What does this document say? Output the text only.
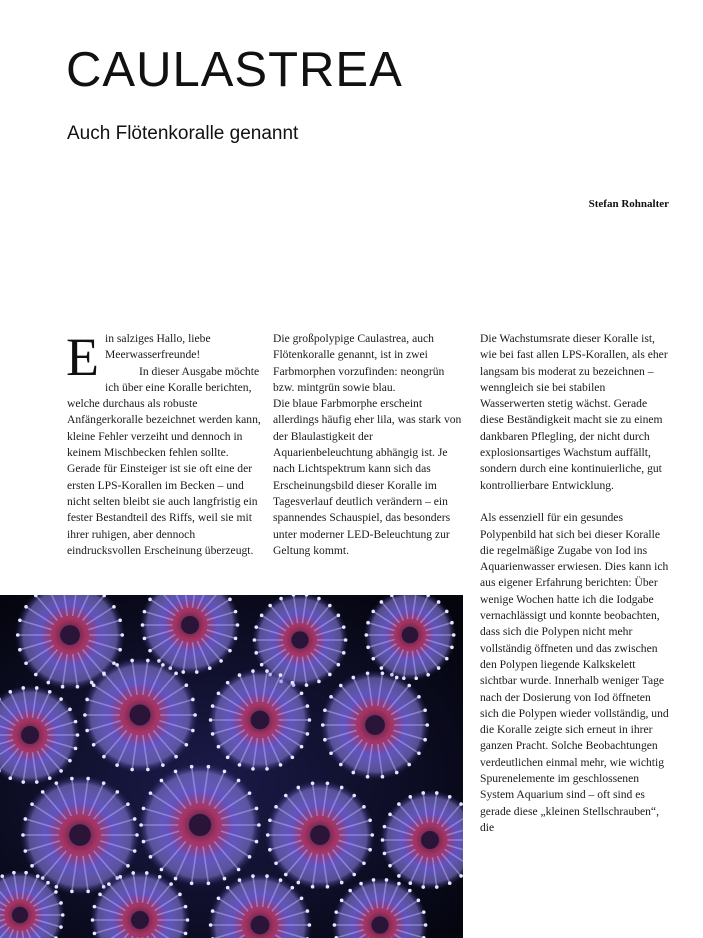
CAULASTREA
Auch Flötenkoralle genannt
Stefan Rohnalter

Ein salziges Hallo, liebe Meerwasserfreunde!

In dieser Ausgabe möchte ich über eine Koralle berichten, welche durchaus als robuste Anfängerkoralle bezeichnet werden kann, kleine Fehler verzeiht und dennoch in keinem Mischbecken fehlen sollte. Gerade für Einsteiger ist sie oft eine der ersten LPS-Korallen im Becken – und nicht selten bleibt sie auch langfristig ein fester Bestandteil des Riffs, weil sie mit ihrer ruhigen, aber dennoch eindrucksvollen Erscheinung überzeugt.

Die großpolypige Caulastrea, auch Flötenkoralle genannt, ist in zwei Farbmorphen vorzufinden: neongrün bzw. mintgrün sowie blau.

Die blaue Farbmorphe erscheint allerdings häufig eher lila, was stark von der Blaulastigkeit der Aquarienbeleuchtung abhängig ist. Je nach Lichtspektrum kann sich das Erscheinungsbild dieser Koralle im Tagesverlauf deutlich verändern – ein spannendes Schauspiel, das besonders unter moderner LED-Beleuchtung zur Geltung kommt.

Die Wachstumsrate dieser Koralle ist, wie bei fast allen LPS-Korallen, als eher langsam bis moderat zu bezeichnen – wenngleich sie bei stabilen Wasserwerten stetig wächst. Gerade diese Beständigkeit macht sie zu einem dankbaren Pflegling, der nicht durch explosionsartiges Wachstum auffällt, sondern durch eine kontinuierliche, gut kontrollierbare Entwicklung.

Als essenziell für ein gesundes Polypenbild hat sich bei dieser Koralle die regelmäßige Zugabe von Iod ins Aquarienwasser erwiesen. Dies kann ich aus eigener Erfahrung berichten: Über wenige Wochen hatte ich die Iodgabe vernachlässigt und konnte beobachten, dass sich die Polypen nicht mehr vollständig öffneten und das zwischen den Polypen liegende Kalkskelett sichtbar wurde. Innerhalb weniger Tage nach der Dosierung von Iod öffneten sich die Polypen wieder vollständig, und die Koralle zeigte sich erneut in ihrer ganzen Pracht. Solche Beobachtungen verdeutlichen einmal mehr, wie wichtig Spurenelemente im geschlossenen System Aquarium sind – oft sind es gerade diese „kleinen Stellschrauben“, die
